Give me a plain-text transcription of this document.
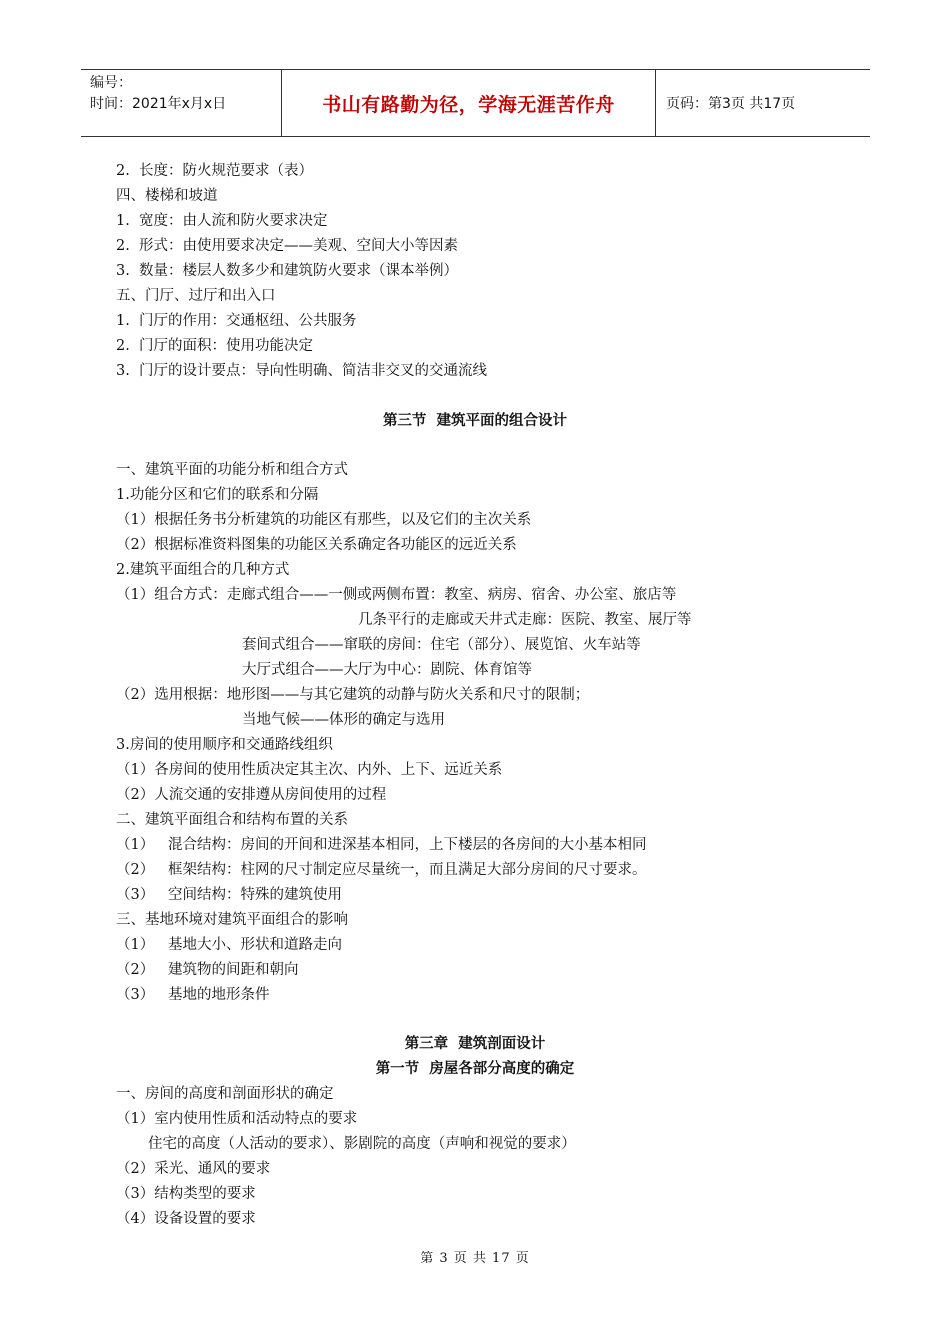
编号：
时间：2021年x月x日	书山有路勤为径，学海无涯苦作舟	页码：第3页 共17页
2.  长度：防火规范要求（表）
四、楼梯和坡道
1.  宽度：由人流和防火要求决定
2.  形式：由使用要求决定——美观、空间大小等因素
3.  数量：楼层人数多少和建筑防火要求（课本举例）
五、门厅、过厅和出入口
1.  门厅的作用：交通枢纽、公共服务
2.  门厅的面积：使用功能决定
3.  门厅的设计要点：导向性明确、简洁非交叉的交通流线
第三节  建筑平面的组合设计
一、建筑平面的功能分析和组合方式
1.功能分区和它们的联系和分隔
（1）根据任务书分析建筑的功能区有那些，以及它们的主次关系
（2）根据标准资料图集的功能区关系确定各功能区的远近关系
2.建筑平面组合的几种方式
（1）组合方式：走廊式组合——一侧或两侧布置：教室、病房、宿舍、办公室、旅店等
几条平行的走廊或天井式走廊：医院、教室、展厅等
套间式组合——窜联的房间：住宅（部分）、展览馆、火车站等
大厅式组合——大厅为中心：剧院、体育馆等
（2）选用根据：地形图——与其它建筑的动静与防火关系和尺寸的限制；
当地气候——体形的确定与选用
3.房间的使用顺序和交通路线组织
（1）各房间的使用性质决定其主次、内外、上下、远近关系
（2）人流交通的安排遵从房间使用的过程
二、建筑平面组合和结构布置的关系
（1）   混合结构：房间的开间和进深基本相同，上下楼层的各房间的大小基本相同
（2）   框架结构：柱网的尺寸制定应尽量统一，而且满足大部分房间的尺寸要求。
（3）   空间结构：特殊的建筑使用
三、基地环境对建筑平面组合的影响
（1）   基地大小、形状和道路走向
（2）   建筑物的间距和朝向
（3）   基地的地形条件
第三章  建筑剖面设计
第一节  房屋各部分高度的确定
一、房间的高度和剖面形状的确定
（1）室内使用性质和活动特点的要求
住宅的高度（人活动的要求）、影剧院的高度（声响和视觉的要求）
（2）采光、通风的要求
（3）结构类型的要求
（4）设备设置的要求
第 3 页 共 17 页
